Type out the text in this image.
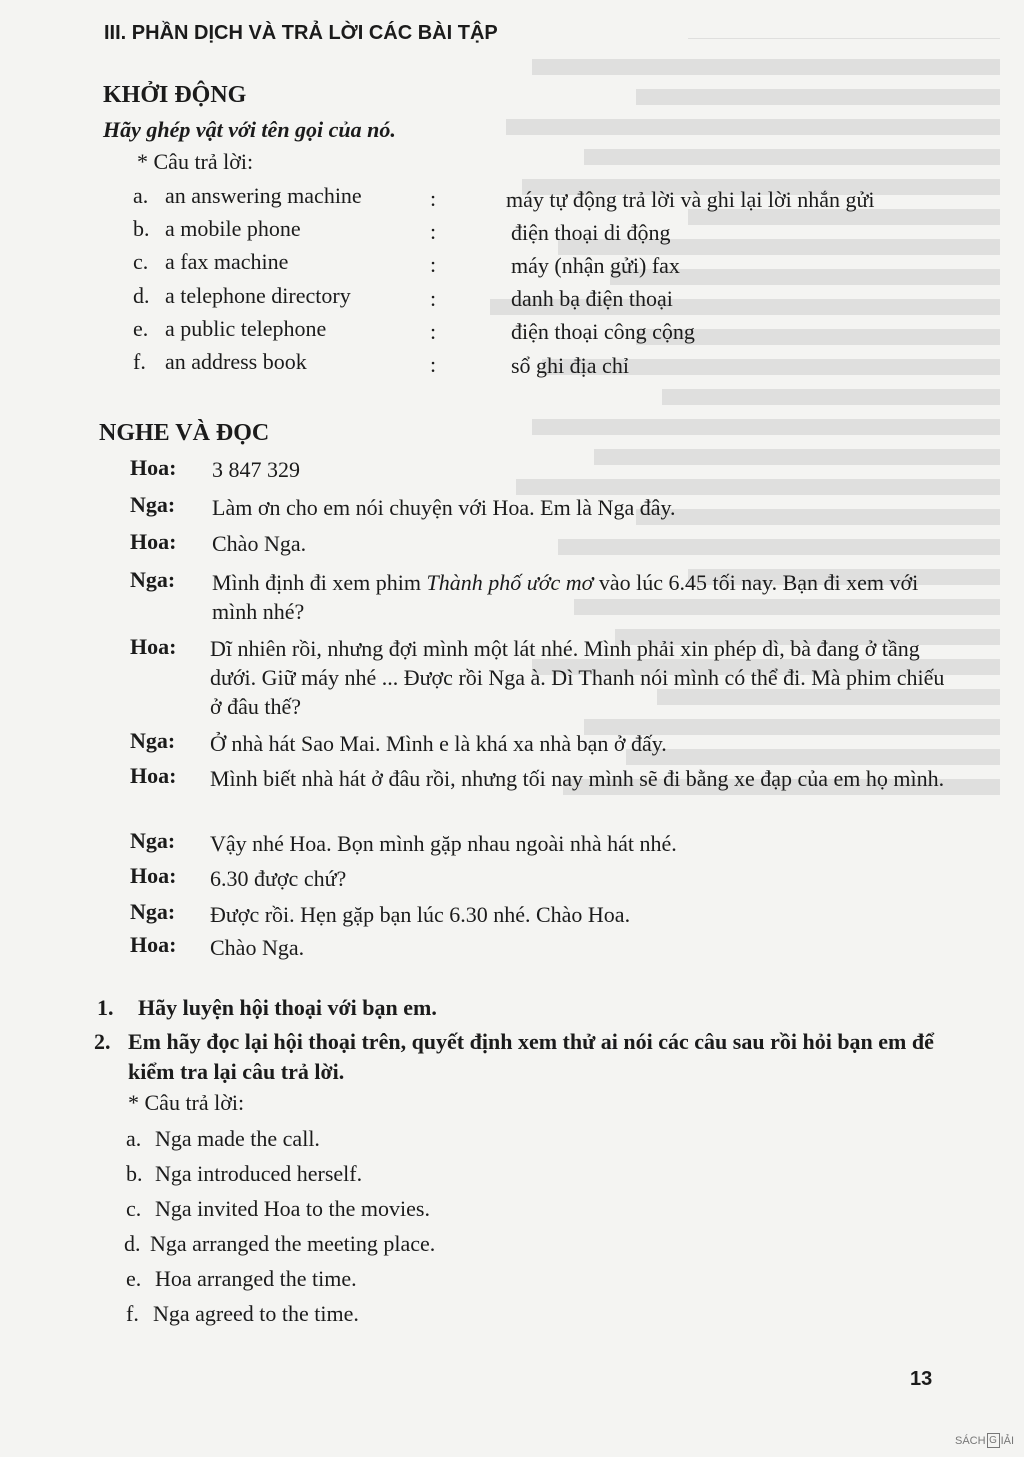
III. PHẦN DỊCH VÀ TRẢ LỜI CÁC BÀI TẬP
KHỞI ĐỘNG
Hãy ghép vật với tên gọi của nó.
* Câu trả lời:
a. an answering machine	:	máy tự động trả lời và ghi lại lời nhắn gửi
b. a mobile phone	:	điện thoại di động
c. a fax machine	:	máy (nhận gửi) fax
d. a telephone directory	:	danh bạ điện thoại
e. a public telephone	:	điện thoại công cộng
f. an address book	:	sổ ghi địa chỉ
NGHE VÀ ĐỌC
Hoa: 3 847 329
Nga: Làm ơn cho em nói chuyện với Hoa. Em là Nga đây.
Hoa: Chào Nga.
Nga: Mình định đi xem phim Thành phố ước mơ vào lúc 6.45 tối nay. Bạn đi xem với mình nhé?
Hoa: Dĩ nhiên rồi, nhưng đợi mình một lát nhé. Mình phải xin phép dì, bà đang ở tầng dưới. Giữ máy nhé ... Được rồi Nga à. Dì Thanh nói mình có thể đi. Mà phim chiếu ở đâu thế?
Nga: Ở nhà hát Sao Mai. Mình e là khá xa nhà bạn ở đấy.
Hoa: Mình biết nhà hát ở đâu rồi, nhưng tối nay mình sẽ đi bằng xe đạp của em họ mình.
Nga: Vậy nhé Hoa. Bọn mình gặp nhau ngoài nhà hát nhé.
Hoa: 6.30 được chứ?
Nga: Được rồi. Hẹn gặp bạn lúc 6.30 nhé. Chào Hoa.
Hoa: Chào Nga.
1. Hãy luyện hội thoại với bạn em.
2. Em hãy đọc lại hội thoại trên, quyết định xem thử ai nói các câu sau rồi hỏi bạn em để kiểm tra lại câu trả lời.
* Câu trả lời:
a. Nga made the call.
b. Nga introduced herself.
c. Nga invited Hoa to the movies.
d. Nga arranged the meeting place.
e. Hoa arranged the time.
f. Nga agreed to the time.
13
SÁCH G IẢI
